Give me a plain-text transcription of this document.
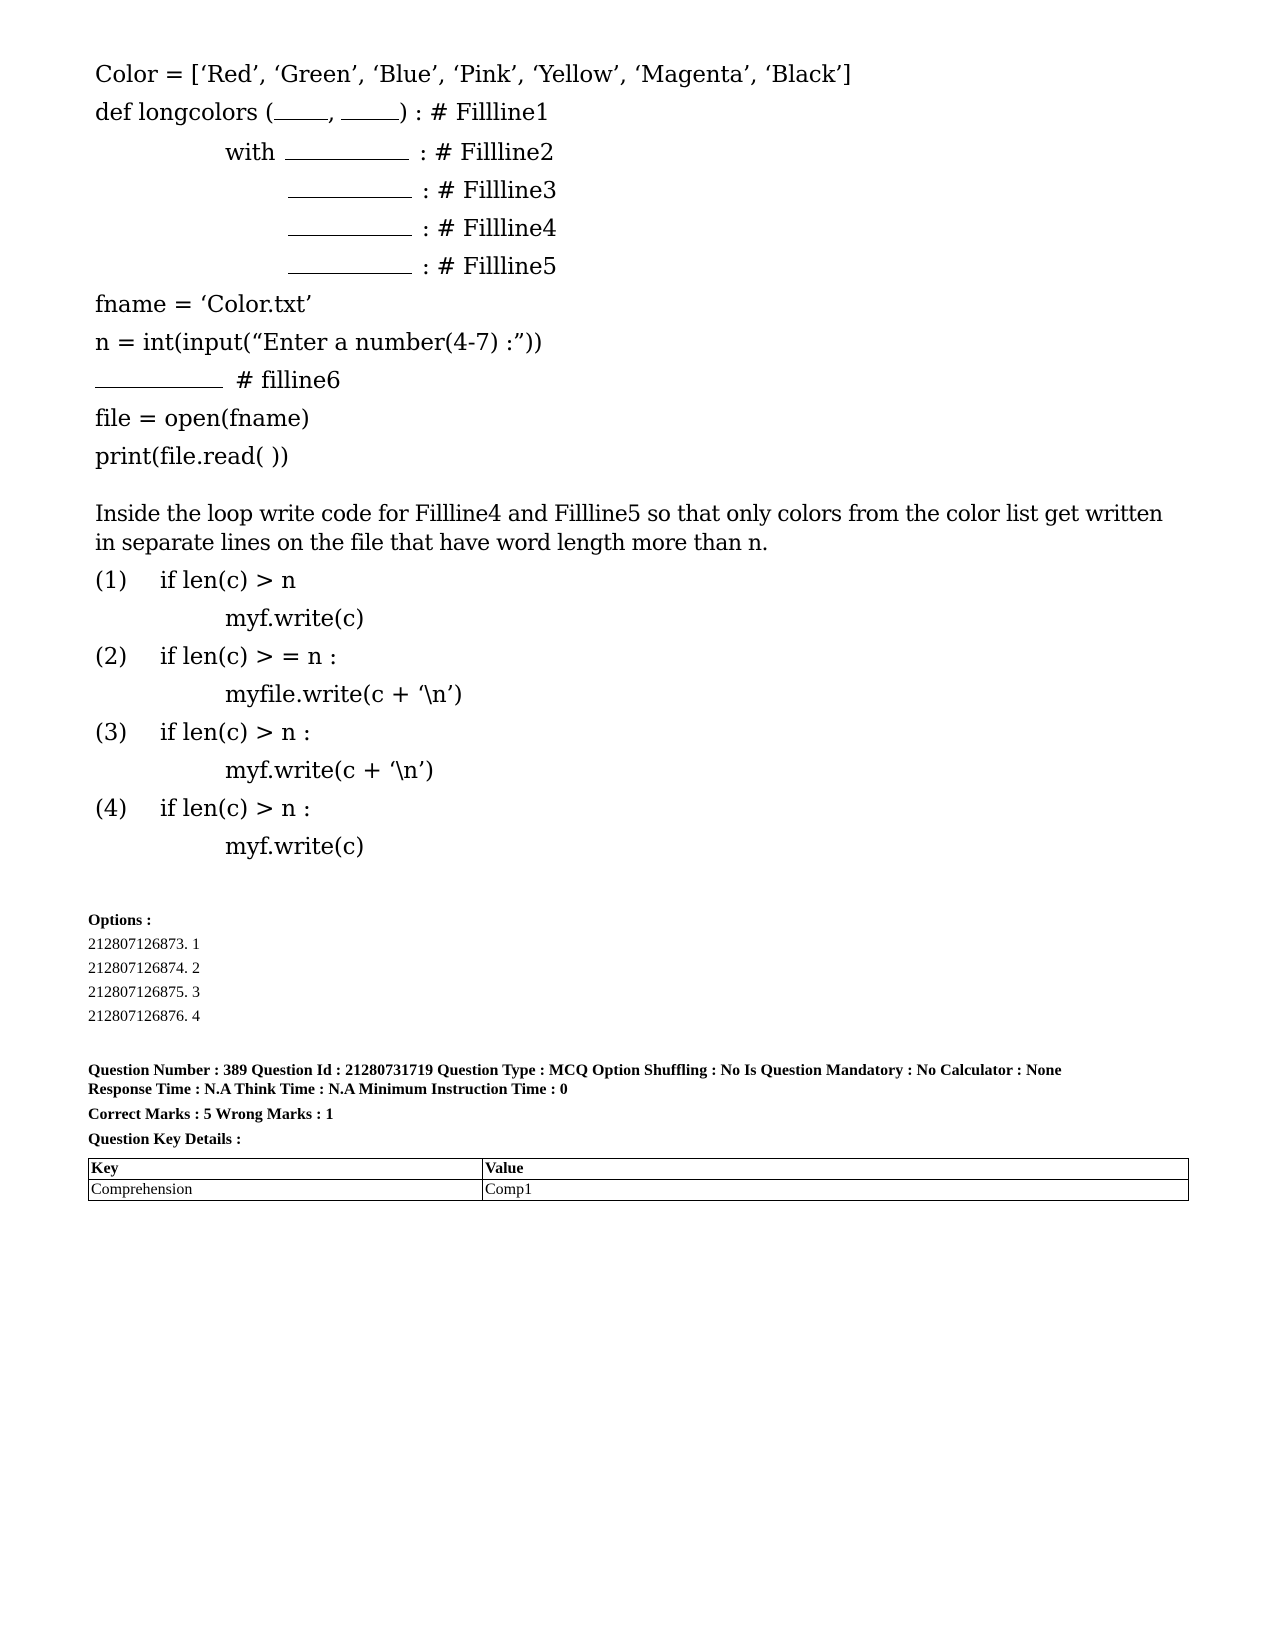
Color = [‘Red’, ‘Green’, ‘Blue’, ‘Pink’, ‘Yellow’, ‘Magenta’, ‘Black’]
def longcolors ( ,	) : # Fillline1
with	: # Fillline2
: # Fillline3
: # Fillline4
: # Fillline5
fname = ‘Color.txt’
n = int(input(“Enter a number(4-7) :”))
# filline6
file = open(fname)
print(file.read( ))
Inside the loop write code for Fillline4 and Fillline5 so that only colors from the color list get written
in separate lines on the file that have word length more than n.
(1) if len(c) > n
myf.write(c)
(2) if len(c) > = n :
myfile.write(c + ‘\n’)
(3) if len(c) > n :
myf.write(c + ‘\n’)
(4) if len(c) > n :
myf.write(c)
Options :
212807126873. 1
212807126874. 2
212807126875. 3
212807126876. 4
Question Number : 389 Question Id : 21280731719 Question Type : MCQ Option Shuffling : No Is Question Mandatory : No Calculator : None
Response Time : N.A Think Time : N.A Minimum Instruction Time : 0
Correct Marks : 5 Wrong Marks : 1
Question Key Details :
Key	Value
Comprehension	Comp1
